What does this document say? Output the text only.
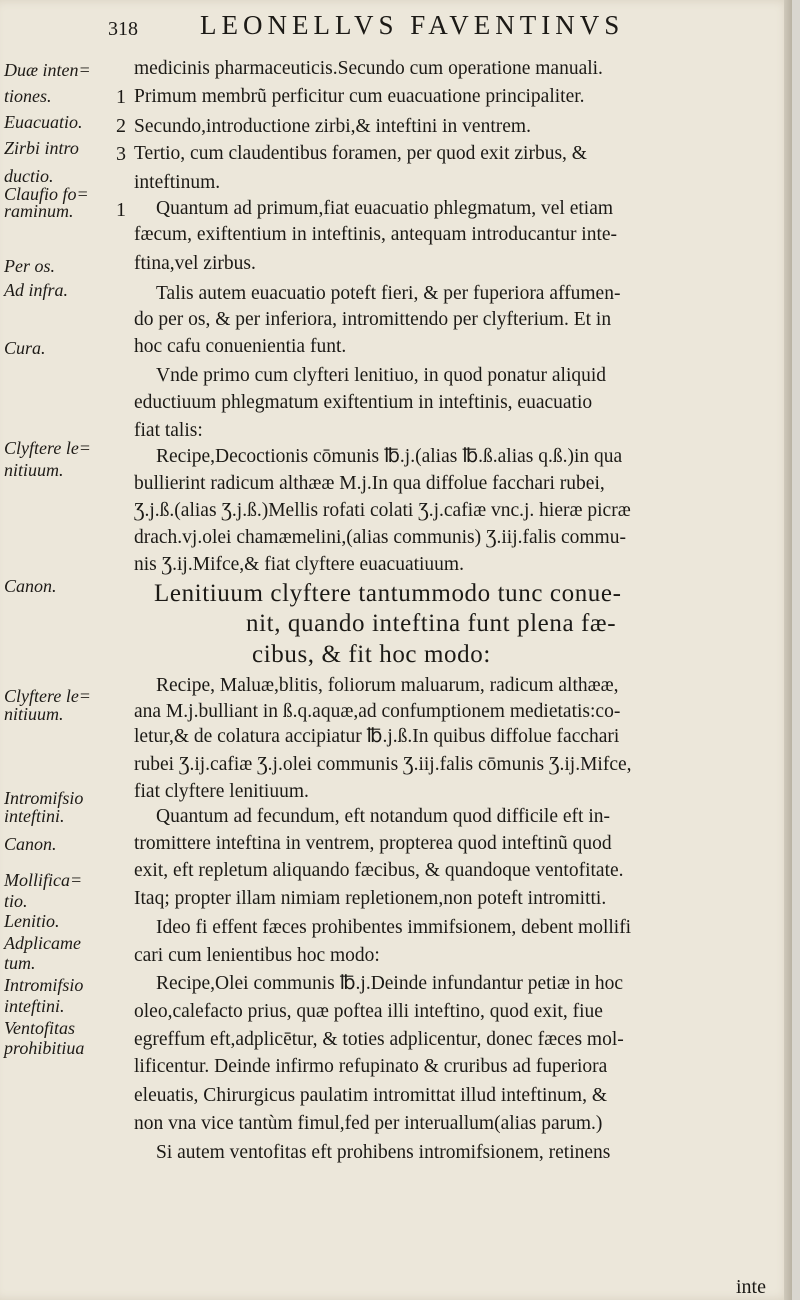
318 LEONELLVS FAVENTINVS
Duæ inten=
tiones.
Euacuatio.
Zirbi intro
ductio.
Claufio fo=
raminum.
Per os.
Ad infra.
Cura.
Clyftere le=
nitiuum.
Canon.
Clyftere le=
nitiuum.
Intromifsio
inteftini.
Canon.
Mollifica=
tio.
Lenitio.
Adplicame
tum.
Intromifsio
inteftini.
Ventofitas
prohibitiua
1
2
3
1
medicinis pharmaceuticis.Secundo cum operatione manuali.
Primum membrũ perficitur cum euacuatione principaliter.
Secundo,introductione zirbi,& inteftini in ventrem.
Tertio, cum claudentibus foramen, per quod exit zirbus, &
inteftinum.
Quantum ad primum,fiat euacuatio phlegmatum, vel etiam
fæcum, exiftentium in inteftinis, antequam introducantur inte-
ftina,vel zirbus.
Talis autem euacuatio poteft fieri, & per fuperiora affumen-
do per os, & per inferiora, intromittendo per clyfterium. Et in
hoc cafu conuenientia funt.
Vnde primo cum clyfteri lenitiuo, in quod ponatur aliquid
eductiuum phlegmatum exiftentium in inteftinis, euacuatio
fiat talis:
Recipe,Decoctionis cōmunis ℔.j.(alias ℔.ß.alias q.ß.)in qua
bullierint radicum althææ M.j.In qua diffolue facchari rubei,
Ʒ.j.ß.(alias Ʒ.j.ß.)Mellis rofati colati Ʒ.j.cafiæ vnc.j. hieræ picræ
drach.vj.olei chamæmelini,(alias communis) Ʒ.iij.falis commu-
nis Ʒ.ij.Mifce,& fiat clyftere euacuatiuum.
Lenitiuum clyftere tantummodo tunc conue-
nit, quando inteftina funt plena fæ-
cibus, & fit hoc modo:
Recipe, Maluæ,blitis, foliorum maluarum, radicum althææ,
ana M.j.bulliant in ß.q.aquæ,ad confumptionem medietatis:co-
letur,& de colatura accipiatur ℔.j.ß.In quibus diffolue facchari
rubei Ʒ.ij.cafiæ Ʒ.j.olei communis Ʒ.iij.falis cōmunis Ʒ.ij.Mifce,
fiat clyftere lenitiuum.
Quantum ad fecundum, eft notandum quod difficile eft in-
tromittere inteftina in ventrem, propterea quod inteftinũ quod
exit, eft repletum aliquando fæcibus, & quandoque ventofitate.
Itaq; propter illam nimiam repletionem,non poteft intromitti.
Ideo fi effent fæces prohibentes immifsionem, debent mollifi
cari cum lenientibus hoc modo:
Recipe,Olei communis ℔.j.Deinde infundantur petiæ in hoc
oleo,calefacto prius, quæ poftea illi inteftino, quod exit, fiue
egreffum eft,adplicētur, & toties adplicentur, donec fæces mol-
lificentur. Deinde infirmo refupinato & cruribus ad fuperiora
eleuatis, Chirurgicus paulatim intromittat illud inteftinum, &
non vna vice tantùm fimul,fed per interuallum(alias parum.)
Si autem ventofitas eft prohibens intromifsionem, retinens
inte
